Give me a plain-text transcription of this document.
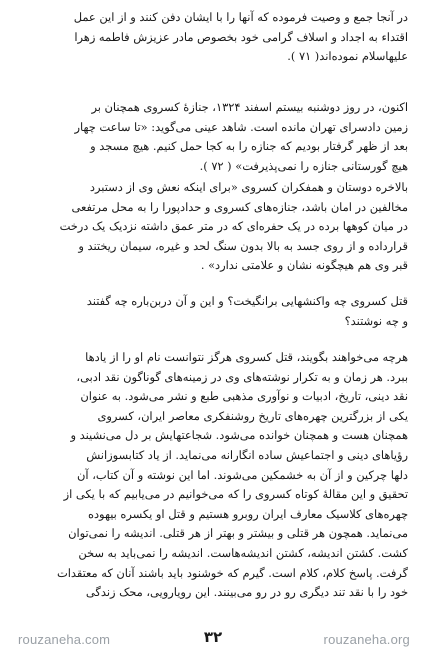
در آنجا جمع و وصیت فرموده که آنها را با ایشان دفن کنند و از این عمل
اقتداء به اجداد و اسلاف گرامی خود بخصوص مادر عزیزش فاطمه زهرا
علیهاسلام نموده‌اند( ۷۱ ).
اکنون، در روز دوشنبه بیستم اسفند ۱۳۲۴، جنازهٔ کسروی همچنان بر
زمین دادسرای تهران مانده است. شاهد عینی می‌گوید: «تا ساعت چهار
بعد از ظهر گرفتار بودیم که جنازه را به کجا حمل کنیم. هیچ مسجد و
هیچ گورستانی جنازه را نمی‌پذیرفت» ( ۷۲ ).
بالاخره دوستان و همفکران کسروی «برای اینکه نعش وی از دستبرد
مخالفین در امان باشد، جنازه‌های کسروی و حدادپورا را به محل مرتفعی
در میان کوهها برده در یک حفره‌ای که در متر عمق داشته نزدیک یک درخت
قرارداده و از روی جسد به بالا بدون سنگ لحد و غیره، سیمان ریختند و
قبر وی هم هیچگونه نشان و علامتی ندارد» .
قتل کسروی چه واکنشهایی برانگیخت؟ و این و آن دربن‌باره چه گفتند
و چه نوشتند؟
هرچه می‌خواهند بگویند، قتل کسروی هرگز نتوانست نام او را از یادها
ببرد. هر زمان و به تکرار نوشته‌های وی در زمینه‌های گوناگون نقد ادبی،
نقد دینی، تاریخ، ادبیات و نوآوری مذهبی طبع و نشر می‌شود. به عنوان
یکی از بزرگترین چهره‌های تاریخ روشنفکری معاصر ایران، کسروی
همچنان هست و همچنان خوانده می‌شود. شجاعتهایش بر دل می‌نشیند و
رؤیاهای دینی و اجتماعیش ساده انگارانه می‌نماید. از یاد کتابسوزانش
دلها چرکین و از آن به خشمکین می‌شوند. اما این نوشته و آن کتاب، آن
تحقیق و این مقالهٔ کوتاه کسروی را که می‌خوانیم در می‌یابیم که با یکی از
چهره‌های کلاسیک معارف ایران روبرو هستیم و قتل او یکسره بیهوده
می‌نماید. همچون هر قتلی و بیشتر و بهتر از هر قتلی. اندیشه را نمی‌توان
کشت. کشتن اندیشه، کشتن اندیشه‌هاست. اندیشه را نمی‌باید به سخن
گرفت. پاسخ کلام، کلام است. گیرم که خوشنود باید باشند آنان که معتقدات
خود را با نقد تند دیگری رو در رو می‌بینند. این رویارویی، محک زندگی
rouzaneha.com	۳۲	rouzaneha.org
